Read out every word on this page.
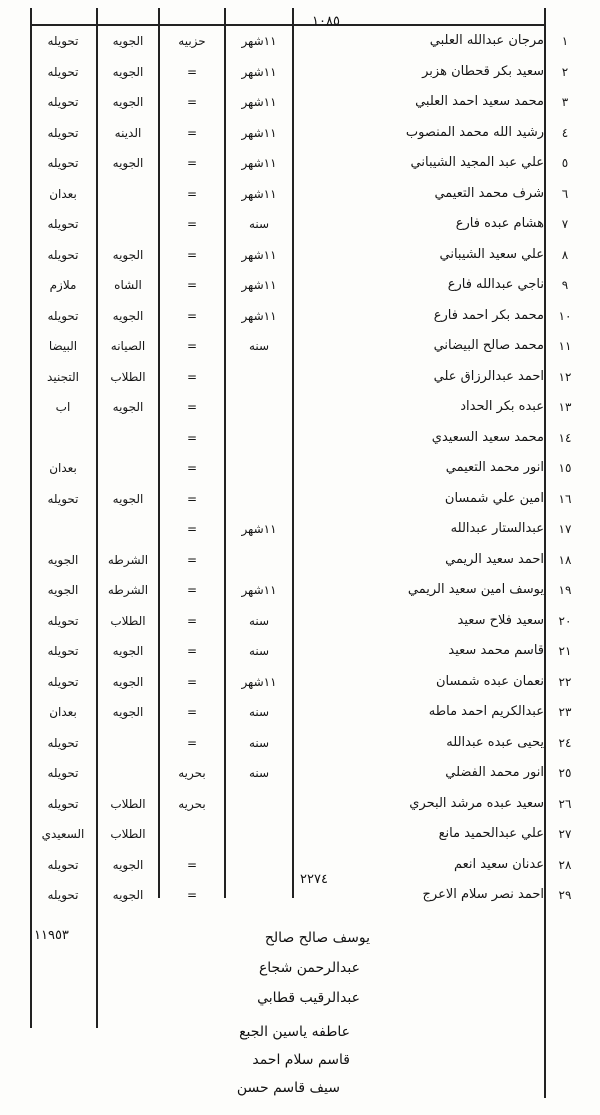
١٠٨٥
١
مرجان عبدالله العلبي
١١شهر
حزبيه
الجويه
تحويله
٢
سعيد بكر قحطان هزبر
١١شهر
=
الجويه
تحويله
٣
محمد سعيد احمد العلبي
١١شهر
=
الجويه
تحويله
٤
رشيد الله محمد المنصوب
١١شهر
=
الدينه
تحويله
٥
علي عبد المجيد الشيباني
١١شهر
=
الجويه
تحويله
٦
شرف محمد التعيمي
١١شهر
=
بعدان
٧
هشام عبده فارع
سنه
=
تحويله
٨
علي سعيد الشيباني
١١شهر
=
الجويه
تحويله
٩
ناجي عبدالله فارع
١١شهر
=
الشاه
ملازم
١٠
محمد بكر احمد فارع
١١شهر
=
الجويه
تحويله
١١
محمد صالح البيضاني
سنه
=
الصيانه
البيضا
١٢
احمد عبدالرزاق علي
=
الطلاب
التجنيد
١٣
عبده بكر الحداد
=
الجويه
اب
١٤
محمد سعيد السعيدي
=
١٥
انور محمد التعيمي
=
بعدان
١٦
امين علي شمسان
=
الجويه
تحويله
١٧
عبدالستار عبدالله
١١شهر
=
١٨
احمد سعيد الريمي
=
الشرطه
الجويه
١٩
يوسف امين سعيد الريمي
١١شهر
=
الشرطه
الجويه
٢٠
سعيد فلاح سعيد
سنه
=
الطلاب
تحويله
٢١
قاسم محمد سعيد
سنه
=
الجويه
تحويله
٢٢
نعمان عبده شمسان
١١شهر
=
الجويه
تحويله
٢٣
عبدالكريم احمد ماطه
سنه
=
الجويه
بعدان
٢٤
يحيى عبده عبدالله
سنه
=
تحويله
٢٥
انور محمد الفضلي
سنه
بحريه
تحويله
٢٦
سعيد عبده مرشد البحري
بحريه
الطلاب
تحويله
٢٧
علي عبدالحميد مانع
الطلاب
السعيدي
٢٨
عدنان سعيد انعم
=
الجويه
تحويله
٢٩
احمد نصر سلام الاعرج
=
الجويه
تحويله
٢٢٧٤
١١٩٥٣	يوسف صالح صالح
عبدالرحمن شجاع
عبدالرقيب قطابي
عاطفه ياسين الجبع
قاسم سلام احمد
سيف قاسم حسن
